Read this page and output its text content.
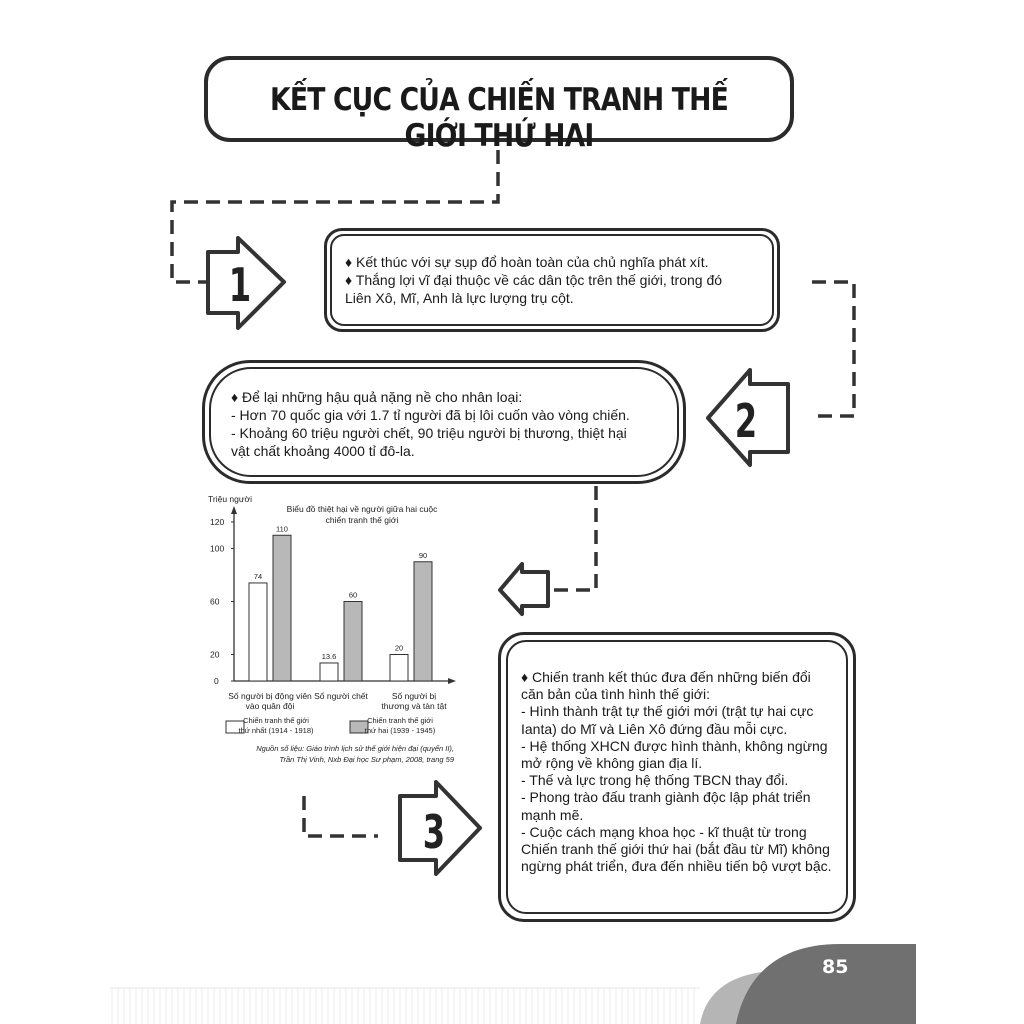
KẾT CỤC CỦA CHIẾN TRANH THẾ GIỚI THỨ HAI
1
2
3
♦ Kết thúc với sự sụp đổ hoàn toàn của chủ nghĩa phát xít.
♦ Thắng lợi vĩ đại thuộc về các dân tộc trên thế giới, trong đó
Liên Xô, Mĩ, Anh là lực lượng trụ cột.
♦ Để lại những hậu quả nặng nề cho nhân loại:
- Hơn 70 quốc gia với 1.7 tỉ người đã bị lôi cuốn vào vòng chiến.
- Khoảng 60 triệu người chết, 90 triệu người bị thương, thiệt hại
vật chất khoảng 4000 tỉ đô-la.
♦ Chiến tranh kết thúc đưa đến những biến đổi
căn bản của tình hình thế giới:
- Hình thành trật tự thế giới mới (trật tự hai cực
Ianta) do Mĩ và Liên Xô đứng đầu mỗi cực.
- Hệ thống XHCN được hình thành, không ngừng
mở rộng về không gian địa lí.
- Thế và lực trong hệ thống TBCN thay đổi.
- Phong trào đấu tranh giành độc lập phát triển
mạnh mẽ.
- Cuộc cách mạng khoa học - kĩ thuật từ trong
Chiến tranh thế giới thứ hai (bắt đầu từ Mĩ) không
ngừng phát triển, đưa đến nhiều tiến bộ vượt bậc.
Triệu người
0
20
60
100
120
Biểu đồ thiệt hại về người giữa hai cuộc
chiến tranh thế giới
74
13.6
20
110
60
90
Số người bị động viên
vào quân đội
Số người chết	Số người bị
thương và tàn tật
Chiến tranh thế giới
thứ nhất (1914 - 1918)
Chiến tranh thế giới
thứ hai (1939 - 1945)
Nguồn số liệu: Giáo trình lịch sử thế giới hiện đại (quyển II),
Trần Thị Vinh, Nxb Đại học Sư phạm, 2008, trang 59
85
